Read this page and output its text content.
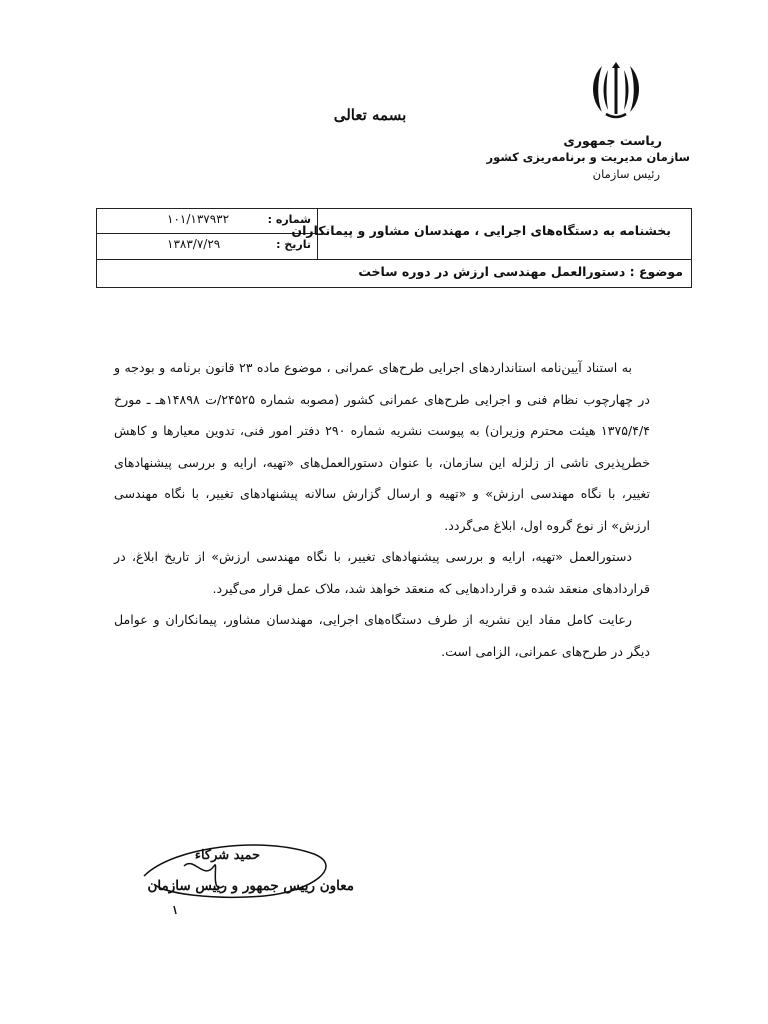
بسمه تعالی
ریاست جمهوری
سازمان مدیریت و برنامه‌ریزی کشور
رئیس سازمان
شماره :
۱۰۱/۱۳۷۹۳۲
تاریخ :
۱۳۸۳/۷/۲۹
بخشنامه به دستگاه‌های اجرایی ، مهندسان مشاور و پیمانکاران
موضوع : دستورالعمل مهندسی ارزش در دوره ساخت

به استناد آیین‌نامه استانداردهای اجرایی طرح‌های عمرانی ، موضوع ماده ۲۳ قانون برنامه و بودجه و در چهارچوب نظام فنی و اجرایی طرح‌های عمرانی کشور (مصوبه شماره ۲۴۵۲۵/ت ۱۴۸۹۸هـ ـ مورخ ۱۳۷۵/۴/۴ هیئت محترم وزیران) به پیوست نشریه شماره ۲۹۰ دفتر امور فنی، تدوین معیارها و کاهش خطرپذیری ناشی از زلزله این سازمان، با عنوان دستورالعمل‌های «تهیه، ارایه و بررسی پیشنهادهای تغییر، با نگاه مهندسی ارزش» و «تهیه و ارسال گزارش سالانه پیشنهادهای تغییر، با نگاه مهندسی ارزش» از نوع گروه اول، ابلاغ می‌گردد.

دستورالعمل «تهیه، ارایه و بررسی پیشنهادهای تغییر، با نگاه مهندسی ارزش» از تاریخ ابلاغ، در قراردادهای منعقد شده و قراردادهایی که منعقد خواهد شد، ملاک عمل قرار می‌گیرد.

رعایت کامل مفاد این نشریه از طرف دستگاه‌های اجرایی، مهندسان مشاور، پیمانکاران و عوامل دیگر در طرح‌های عمرانی، الزامی است.

حمید شرکاء
معاون رییس جمهور و رییس سازمان
